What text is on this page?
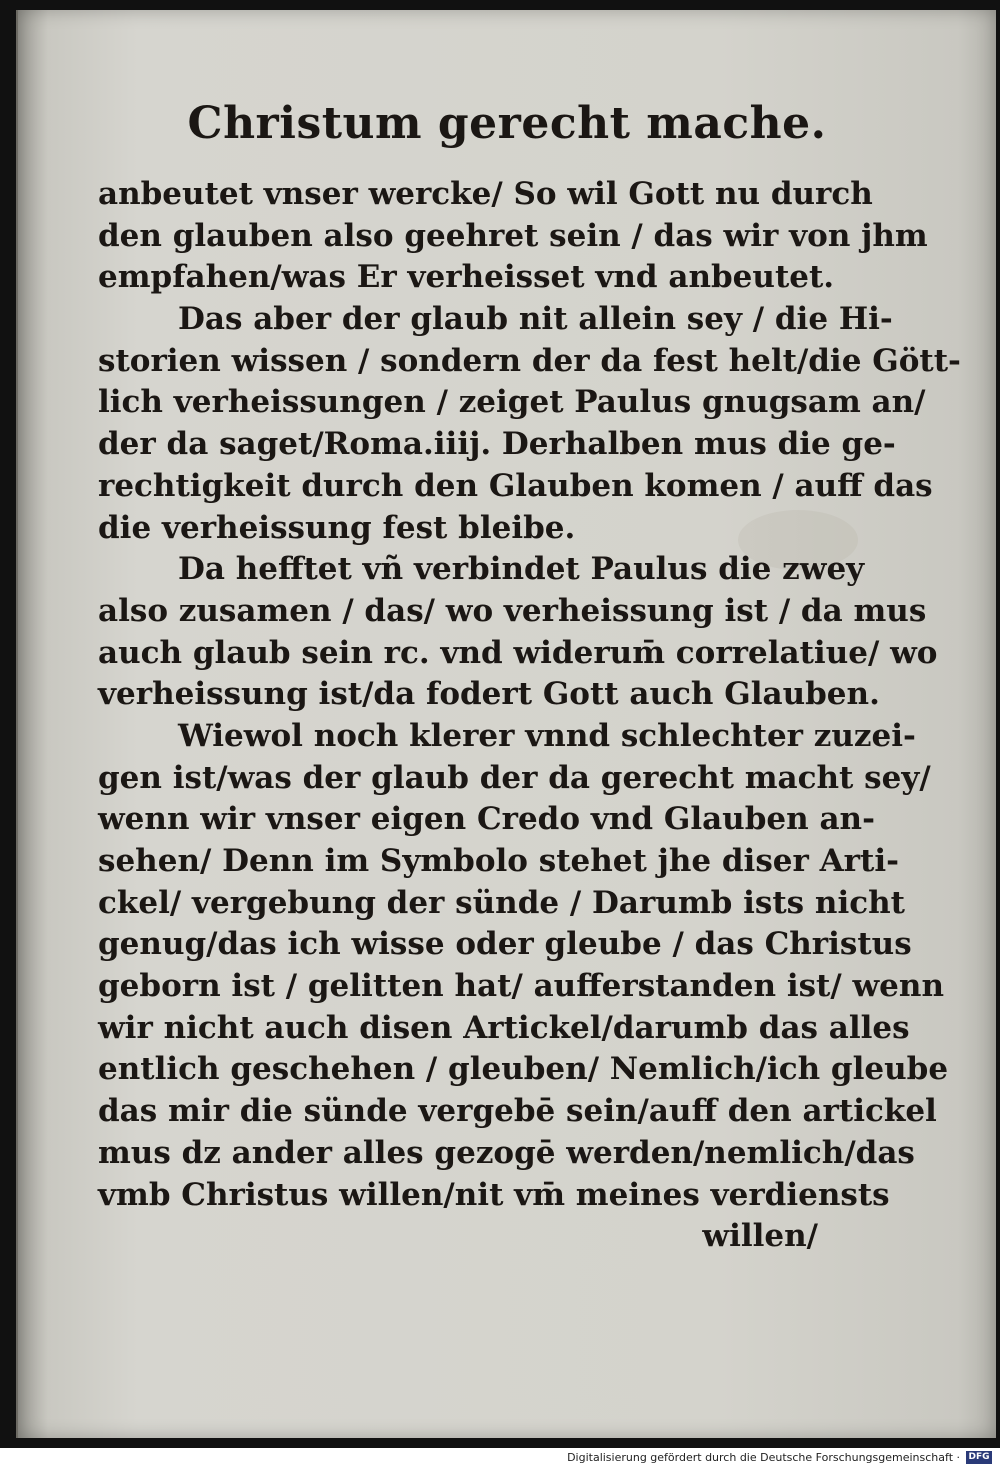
Christum gerecht mache.
anbeutet vnser wercke/ So wil Gott nu durch
den glauben also geehret sein / das wir von jhm
empfahen/was Er verheisset vnd anbeutet.
Das aber der glaub nit allein sey / die Hi-
storien wissen / sondern der da fest helt/die Gött-
lich verheissungen / zeiget Paulus gnugsam an/
der da saget/Roma.iiij. Derhalben mus die ge-
rechtigkeit durch den Glauben komen / auff das
die verheissung fest bleibe.
Da hefftet vñ verbindet Paulus die zwey
also zusamen / das/ wo verheissung ist / da mus
auch glaub sein rc. vnd widerum̄ correlatiue/ wo
verheissung ist/da fodert Gott auch Glauben.
Wiewol noch klerer vnnd schlechter zuzei-
gen ist/was der glaub der da gerecht macht sey/
wenn wir vnser eigen Credo vnd Glauben an-
sehen/ Denn im Symbolo stehet jhe diser Arti-
ckel/ vergebung der sünde / Darumb ists nicht
genug/das ich wisse oder gleube / das Christus
geborn ist / gelitten hat/ aufferstanden ist/ wenn
wir nicht auch disen Artickel/darumb das alles
entlich geschehen / gleuben/ Nemlich/ich gleube
das mir die sünde vergebē sein/auff den artickel
mus dz ander alles gezogē werden/nemlich/das
vmb Christus willen/nit vm̄ meines verdiensts
willen/
Digitalisierung gefördert durch die Deutsche Forschungsgemeinschaft · DFG
